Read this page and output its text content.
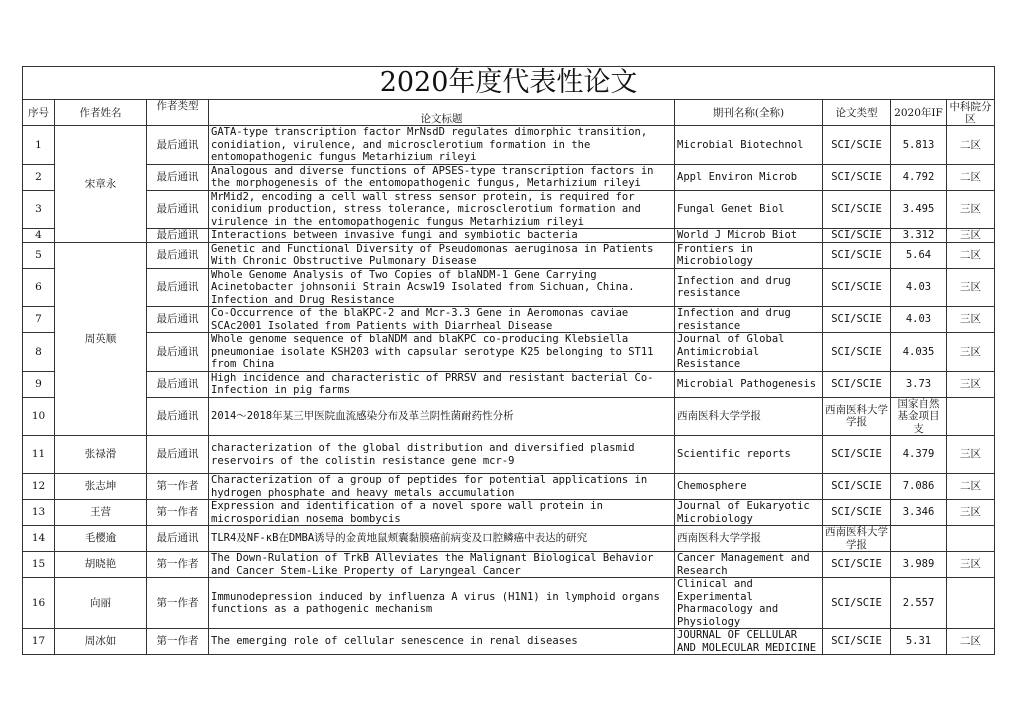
2020年度代表性论文							
序号	作者姓名	作者类型	论文标题	期刊名称(全称)	论文类型	2020年IF	中科院分区
1	宋章永	最后通讯	GATA-type transcription factor MrNsdD regulates dimorphic transition, conidiation, virulence, and microsclerotium formation in the entomopathogenic fungus Metarhizium rileyi	Microbial Biotechnol	SCI/SCIE	5.813	二区
2		最后通讯	Analogous and diverse functions of APSES-type transcription factors in the morphogenesis of the entomopathogenic fungus, Metarhizium rileyi	Appl Environ Microb	SCI/SCIE	4.792	二区
3		最后通讯	MrMid2, encoding a cell wall stress sensor protein, is required for conidium production, stress tolerance, microsclerotium formation and virulence in the entomopathogenic fungus Metarhizium rileyi	Fungal Genet Biol	SCI/SCIE	3.495	三区
4		最后通讯	Interactions between invasive fungi and symbiotic bacteria	World J Microb Biot	SCI/SCIE	3.312	三区
5	周英顺	最后通讯	Genetic and Functional Diversity of Pseudomonas aeruginosa in Patients With Chronic Obstructive Pulmonary Disease	Frontiers in Microbiology	SCI/SCIE	5.64	二区
6		最后通讯	Whole Genome Analysis of Two Copies of blaNDM-1 Gene Carrying Acinetobacter johnsonii Strain Acsw19 Isolated from Sichuan, China. Infection and Drug Resistance	Infection and drug resistance	SCI/SCIE	4.03	三区
7		最后通讯	Co-Occurrence of the blaKPC-2 and Mcr-3.3 Gene in Aeromonas caviae SCAc2001 Isolated from Patients with Diarrheal Disease	Infection and drug resistance	SCI/SCIE	4.03	三区
8		最后通讯	Whole genome sequence of blaNDM and blaKPC co-producing Klebsiella pneumoniae isolate KSH203 with capsular serotype K25 belonging to ST11 from China	Journal of Global Antimicrobial Resistance	SCI/SCIE	4.035	三区
9		最后通讯	High incidence and characteristic of PRRSV and resistant bacterial Co-Infection in pig farms	Microbial Pathogenesis	SCI/SCIE	3.73	三区
10		最后通讯	2014～2018年某三甲医院血流感染分布及革兰阴性菌耐药性分析	西南医科大学学报	西南医科大学学报	国家自然基金项目支	
11	张禄滑	最后通讯	characterization of the global distribution and diversified plasmid reservoirs of the colistin resistance gene mcr-9	Scientific reports	SCI/SCIE	4.379	三区
12	张志坤	第一作者	Characterization of a group of peptides for potential applications in hydrogen phosphate and heavy metals accumulation	Chemosphere	SCI/SCIE	7.086	二区
13	王营	第一作者	Expression and identification of a novel spore wall protein in microsporidian nosema bombycis	Journal of Eukaryotic Microbiology	SCI/SCIE	3.346	三区
14	毛樱逾	最后通讯	TLR4及NF-κB在DMBA诱导的金黄地鼠颊囊黏膜癌前病变及口腔鳞癌中表达的研究	西南医科大学学报	西南医科大学学报		
15	胡晓艳	第一作者	The Down-Rulation of TrkB Alleviates the Malignant Biological Behavior and Cancer Stem-Like Property of Laryngeal Cancer	Cancer Management and Research	SCI/SCIE	3.989	三区
16	向丽	第一作者	Immunodepression induced by influenza A virus (H1N1) in lymphoid organs functions as a pathogenic mechanism	Clinical and Experimental Pharmacology and Physiology	SCI/SCIE	2.557	
17	周冰如	第一作者	The emerging role of cellular senescence in renal diseases	JOURNAL OF CELLULAR AND MOLECULAR MEDICINE	SCI/SCIE	5.31	二区
